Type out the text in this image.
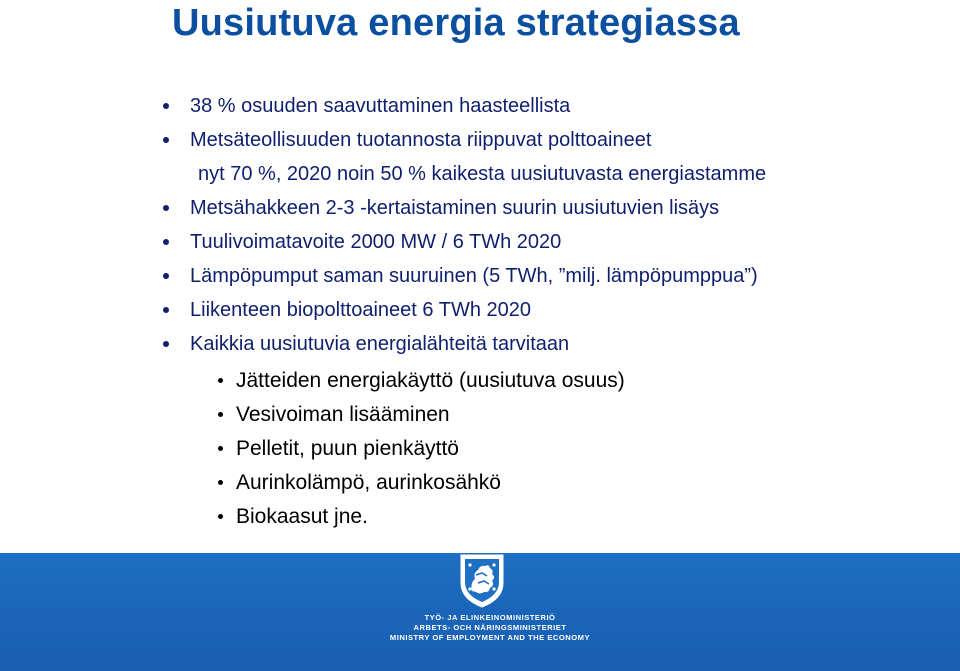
Uusiutuva energia strategiassa
38 % osuuden saavuttaminen haasteellista
Metsäteollisuuden tuotannosta riippuvat polttoaineet
nyt 70 %, 2020 noin 50 % kaikesta uusiutuvasta energiastamme
Metsähakkeen 2-3 -kertaistaminen suurin uusiutuvien lisäys
Tuulivoimatavoite 2000 MW / 6 TWh 2020
Lämpöpumput saman suuruinen (5 TWh, ”milj. lämpöpumppua”)
Liikenteen biopolttoaineet 6 TWh 2020
Kaikkia uusiutuvia energialähteitä tarvitaan
Jätteiden energiakäyttö (uusiutuva osuus)
Vesivoiman lisääminen
Pelletit, puun pienkäyttö
Aurinkolämpö, aurinkosähkö
Biokaasut jne.
TYÖ- JA ELINKEINOMINISTERIÖ
ARBETS- OCH NÄRINGSMINISTERIET
MINISTRY OF EMPLOYMENT AND THE ECONOMY
